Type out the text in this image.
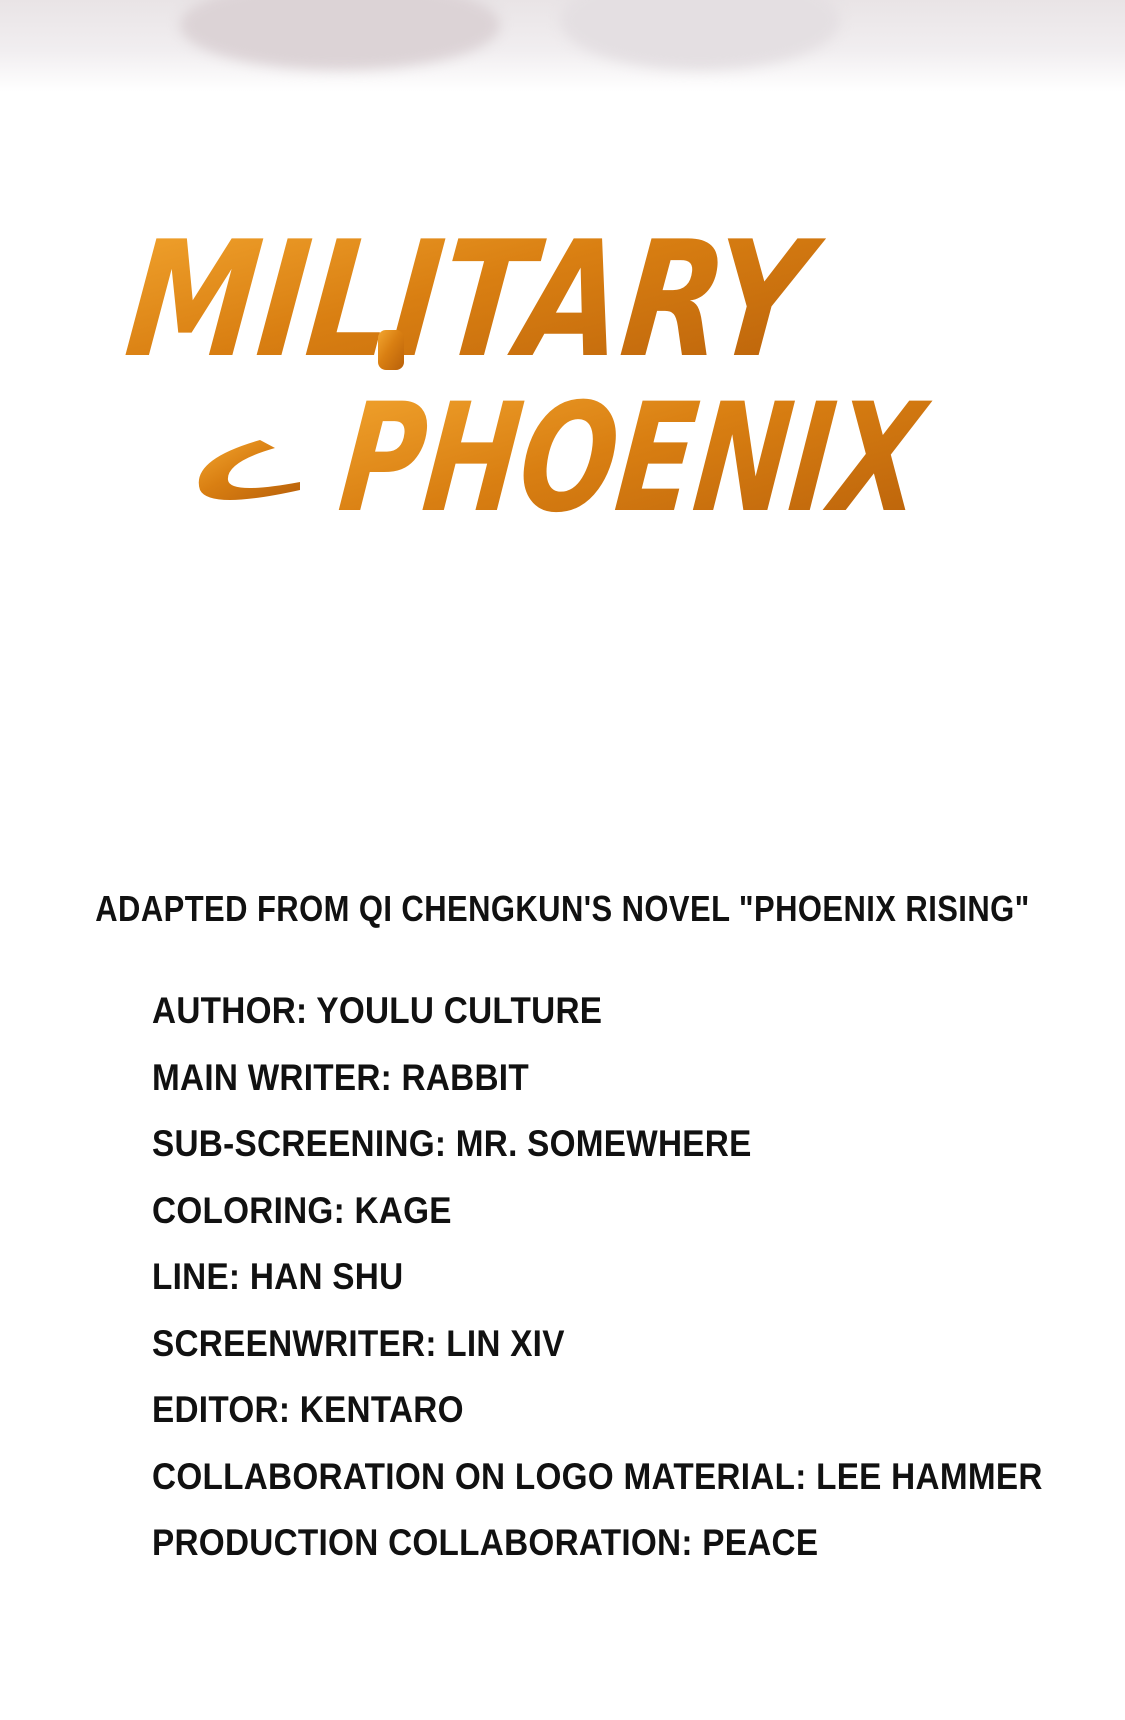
MILITARY
PHOENIX
ADAPTED FROM QI CHENGKUN'S NOVEL "PHOENIX RISING"
AUTHOR: YOULU CULTURE
MAIN WRITER: RABBIT
SUB-SCREENING: MR. SOMEWHERE
COLORING: KAGE
LINE: HAN SHU
SCREENWRITER: LIN XIV
EDITOR: KENTARO
COLLABORATION ON LOGO MATERIAL: LEE HAMMER
PRODUCTION COLLABORATION: PEACE
